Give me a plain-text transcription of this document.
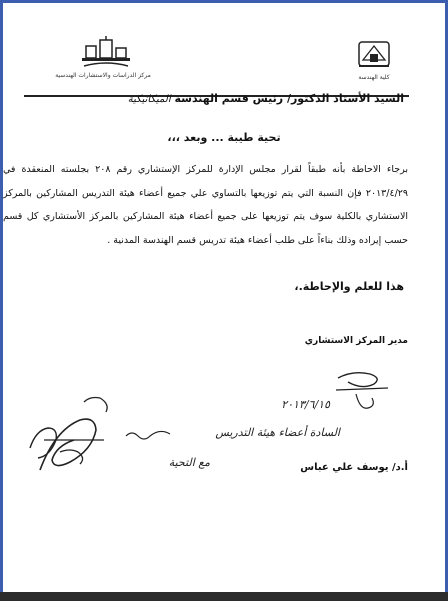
مركز الدراسات والاستشارات الهندسية	كلية الهندسة
السيد الأستاذ الدكتور/ رئيس قسم الهندسة الميكانيكية
تحية طيبة ... وبعد ،،،
برجاء الاحاطة بأنه طبقاً لقرار مجلس الإدارة للمركز الإستشاري رقم ٢٠٨ بجلسته المنعقدة في ٢٠١٣/٤/٢٩ فإن النسبة التي يتم توزيعها بالتساوي علي جميع أعضاء هيئة التدريس المشاركين بالمركز الاستشاري بالكلية سوف يتم توزيعها على جميع أعضاء هيئة المشاركين بالمركز الأستشاري كل قسم حسب إيراده وذلك بناءاً على طلب أعضاء هيئة تدريس قسم الهندسة المدنية .
هذا للعلم والإحاطة.،
مدير المركز الاستشاري
أ.د/ يوسف علي عباس
٢٠١٣/٦/١٥
السادة أعضاء هيئة التدريس
مع التحية
